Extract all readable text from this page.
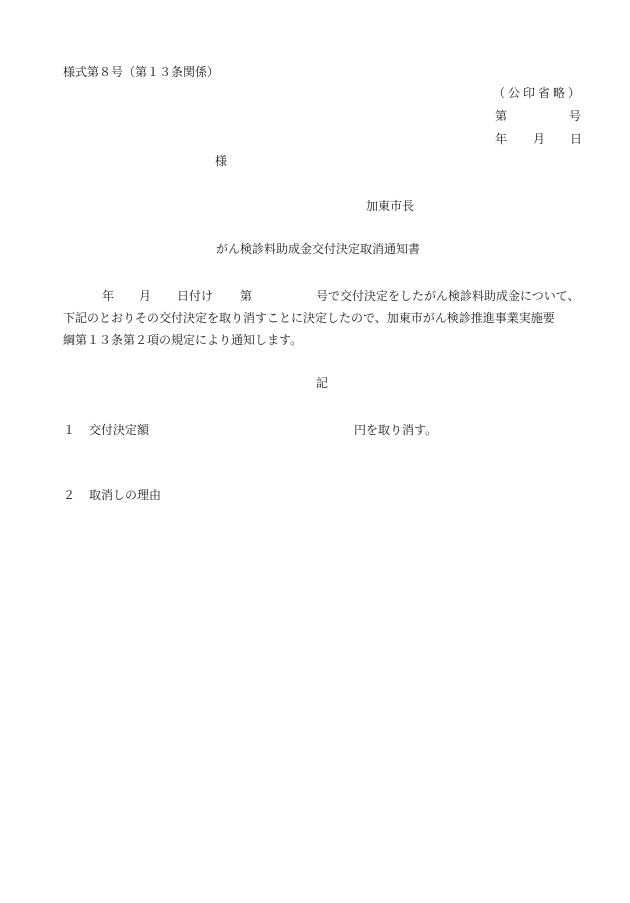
様式第８号（第１３条関係）
（公印省略）
第	号
年 月 日
様
加東市長
がん検診料助成金交付決定取消通知書
年 月 日付け 第	号で交付決定をしたがん検診料助成金について、
下記のとおりその交付決定を取り消すことに決定したので、加東市がん検診推進事業実施要
綱第１３条第２項の規定により通知します。
記
１ 交付決定額	円を取り消す。
２ 取消しの理由
